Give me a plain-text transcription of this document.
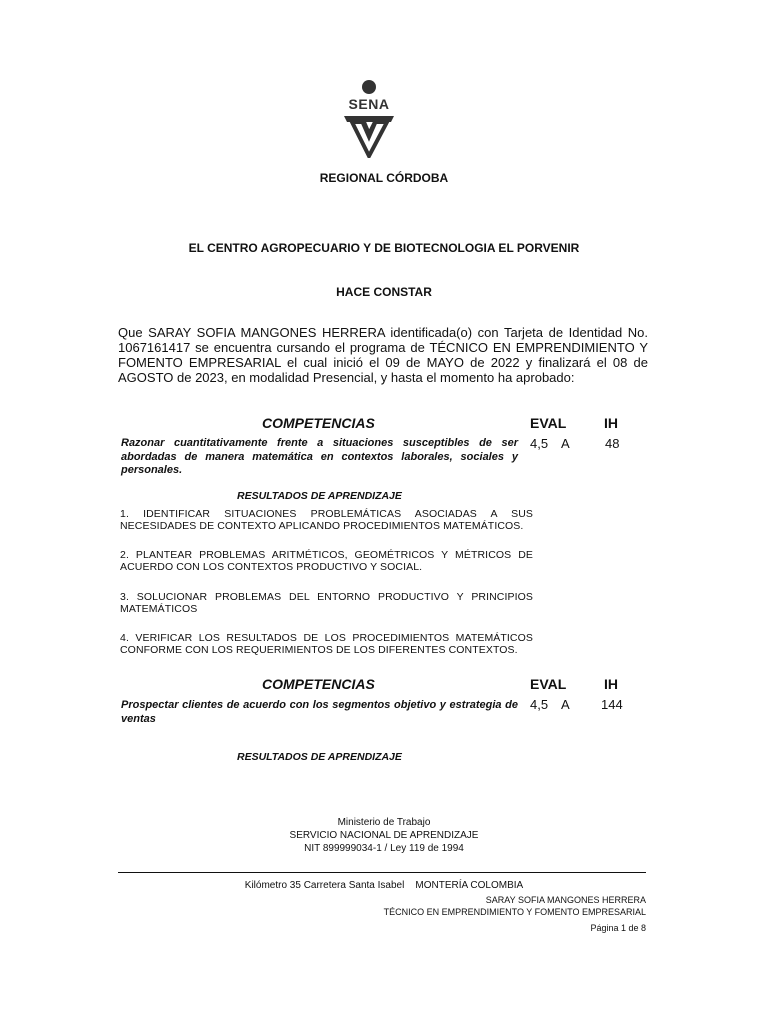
SENA
REGIONAL CÓRDOBA
EL CENTRO AGROPECUARIO Y DE BIOTECNOLOGIA EL PORVENIR
HACE CONSTAR
Que SARAY SOFIA MANGONES HERRERA identificada(o) con Tarjeta de Identidad No. 1067161417 se encuentra cursando el programa de TÉCNICO EN EMPRENDIMIENTO Y FOMENTO EMPRESARIAL el cual inició el 09 de MAYO de 2022 y finalizará el 08 de AGOSTO de 2023, en modalidad Presencial, y hasta el momento ha aprobado:
COMPETENCIAS	EVAL	IH
Razonar cuantitativamente frente a situaciones susceptibles de ser abordadas de manera matemática en contextos laborales, sociales y personales.
4,5 A	48
RESULTADOS DE APRENDIZAJE
1. IDENTIFICAR SITUACIONES PROBLEMÁTICAS ASOCIADAS A SUS NECESIDADES DE CONTEXTO APLICANDO PROCEDIMIENTOS MATEMÁTICOS.
2. PLANTEAR PROBLEMAS ARITMÉTICOS, GEOMÉTRICOS Y MÉTRICOS DE ACUERDO CON LOS CONTEXTOS PRODUCTIVO Y SOCIAL.
3. SOLUCIONAR PROBLEMAS DEL ENTORNO PRODUCTIVO Y PRINCIPIOS MATEMÁTICOS
4. VERIFICAR LOS RESULTADOS DE LOS PROCEDIMIENTOS MATEMÁTICOS CONFORME CON LOS REQUERIMIENTOS DE LOS DIFERENTES CONTEXTOS.
COMPETENCIAS	EVAL	IH
Prospectar clientes de acuerdo con los segmentos objetivo y estrategia de ventas
4,5 A 144
RESULTADOS DE APRENDIZAJE
Ministerio de Trabajo
SERVICIO NACIONAL DE APRENDIZAJE
NIT 899999034-1 / Ley 119 de 1994
Kilómetro 35 Carretera Santa Isabel    MONTERÍA COLOMBIA
SARAY SOFIA MANGONES HERRERA
TÉCNICO EN EMPRENDIMIENTO Y FOMENTO EMPRESARIAL
Página 1 de 8
